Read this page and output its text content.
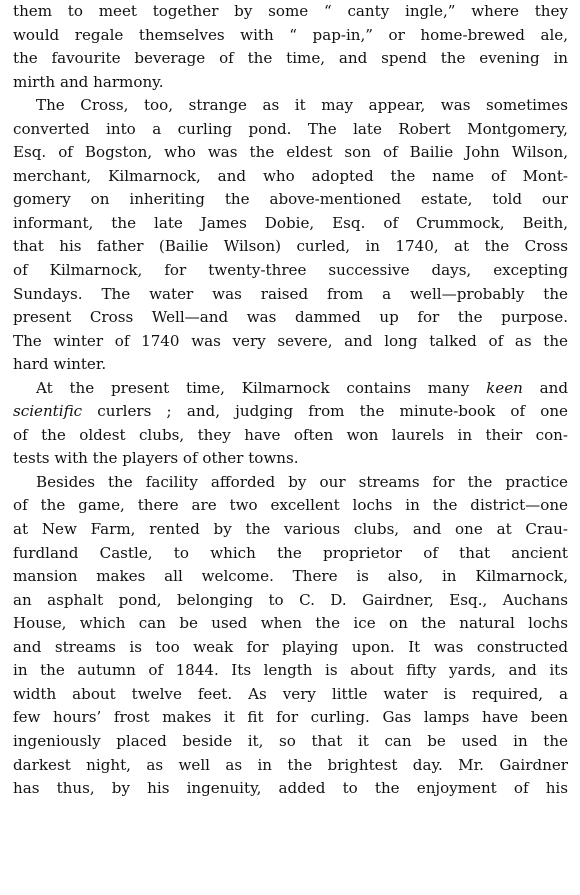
them to meet together by some “ canty ingle,” where they
would regale themselves with “ pap-in,” or home-brewed ale,
the favourite beverage of the time, and spend the evening in
mirth and harmony.
The Cross, too, strange as it may appear, was sometimes
converted into a curling pond. The late Robert Montgomery,
Esq. of Bogston, who was the eldest son of Bailie John Wilson,
merchant, Kilmarnock, and who adopted the name of Mont-
gomery on inheriting the above-mentioned estate, told our
informant, the late James Dobie, Esq. of Crummock, Beith,
that his father (Bailie Wilson) curled, in 1740, at the Cross
of Kilmarnock, for twenty-three successive days, excepting
Sundays. The water was raised from a well—probably the
present Cross Well—and was dammed up for the purpose.
The winter of 1740 was very severe, and long talked of as the
hard winter.
At the present time, Kilmarnock contains many keen and
scientific curlers ; and, judging from the minute-book of one
of the oldest clubs, they have often won laurels in their con-
tests with the players of other towns.
Besides the facility afforded by our streams for the practice
of the game, there are two excellent lochs in the district—one
at New Farm, rented by the various clubs, and one at Crau-
furdland Castle, to which the proprietor of that ancient
mansion makes all welcome. There is also, in Kilmarnock,
an asphalt pond, belonging to C. D. Gairdner, Esq., Auchans
House, which can be used when the ice on the natural lochs
and streams is too weak for playing upon. It was constructed
in the autumn of 1844. Its length is about fifty yards, and its
width about twelve feet. As very little water is required, a
few hours’ frost makes it fit for curling. Gas lamps have been
ingeniously placed beside it, so that it can be used in the
darkest night, as well as in the brightest day. Mr. Gairdner
has thus, by his ingenuity, added to the enjoyment of his
